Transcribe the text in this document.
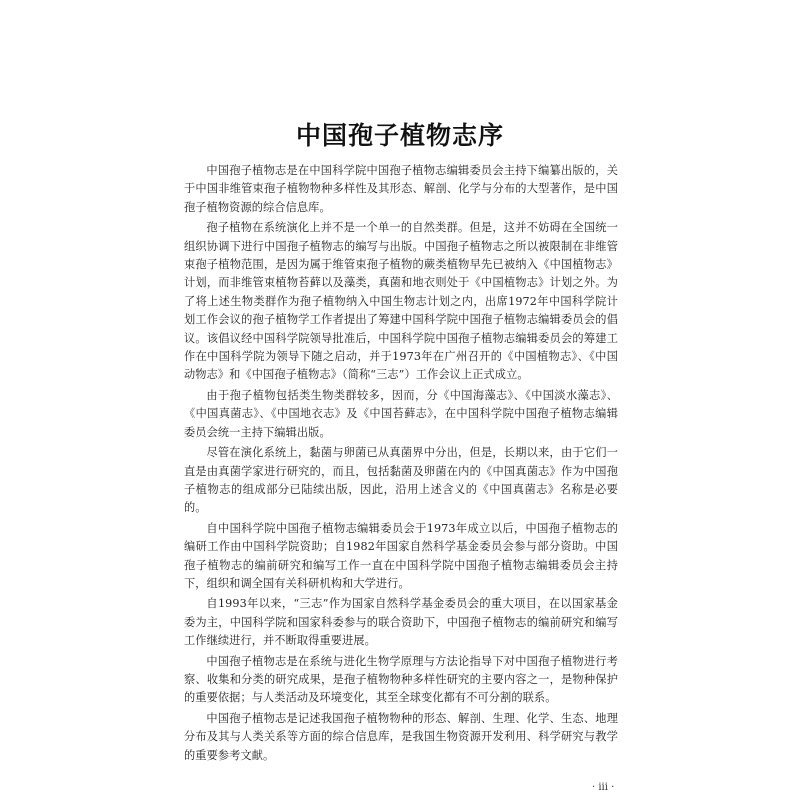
中国孢子植物志序

中国孢子植物志是在中国科学院中国孢子植物志编辑委员会主持下编纂出版的，关于中国非维管束孢子植物物种多样性及其形态、解剖、化学与分布的大型著作，是中国孢子植物资源的综合信息库。

孢子植物在系统演化上并不是一个单一的自然类群。但是，这并不妨碍在全国统一组织协调下进行中国孢子植物志的编写与出版。中国孢子植物志之所以被限制在非维管束孢子植物范围，是因为属于维管束孢子植物的蕨类植物早先已被纳入《中国植物志》计划，而非维管束植物苔藓以及藻类，真菌和地衣则处于《中国植物志》计划之外。为了将上述生物类群作为孢子植物纳入中国生物志计划之内，出席1972年中国科学院计划工作会议的孢子植物学工作者提出了筹建中国科学院中国孢子植物志编辑委员会的倡议。该倡议经中国科学院领导批准后，中国科学院中国孢子植物志编辑委员会的筹建工作在中国科学院为领导下随之启动，并于1973年在广州召开的《中国植物志》、《中国动物志》和《中国孢子植物志》（简称“三志”）工作会议上正式成立。

由于孢子植物包括类生物类群较多，因而，分《中国海藻志》、《中国淡水藻志》、《中国真菌志》、《中国地衣志》及《中国苔藓志》，在中国科学院中国孢子植物志编辑委员会统一主持下编辑出版。

尽管在演化系统上，黏菌与卵菌已从真菌界中分出，但是，长期以来，由于它们一直是由真菌学家进行研究的，而且，包括黏菌及卵菌在内的《中国真菌志》作为中国孢子植物志的组成部分已陆续出版，因此，沿用上述含义的《中国真菌志》名称是必要的。

自中国科学院中国孢子植物志编辑委员会于1973年成立以后，中国孢子植物志的编研工作由中国科学院资助；自1982年国家自然科学基金委员会参与部分资助。中国孢子植物志的编前研究和编写工作一直在中国科学院中国孢子植物志编辑委员会主持下，组织和调全国有关科研机构和大学进行。

自1993年以来，“三志”作为国家自然科学基金委员会的重大项目，在以国家基金委为主，中国科学院和国家科委参与的联合资助下，中国孢子植物志的编前研究和编写工作继续进行，并不断取得重要进展。

中国孢子植物志是在系统与进化生物学原理与方法论指导下对中国孢子植物进行考察、收集和分类的研究成果，是孢子植物物种多样性研究的主要内容之一，是物种保护的重要依据；与人类活动及环境变化，其至全球变化都有不可分割的联系。

中国孢子植物志是记述我国孢子植物物种的形态、解剖、生理、化学、生态、地理分布及其与人类关系等方面的综合信息库，是我国生物资源开发利用、科学研究与教学的重要参考文献。

· iii ·
